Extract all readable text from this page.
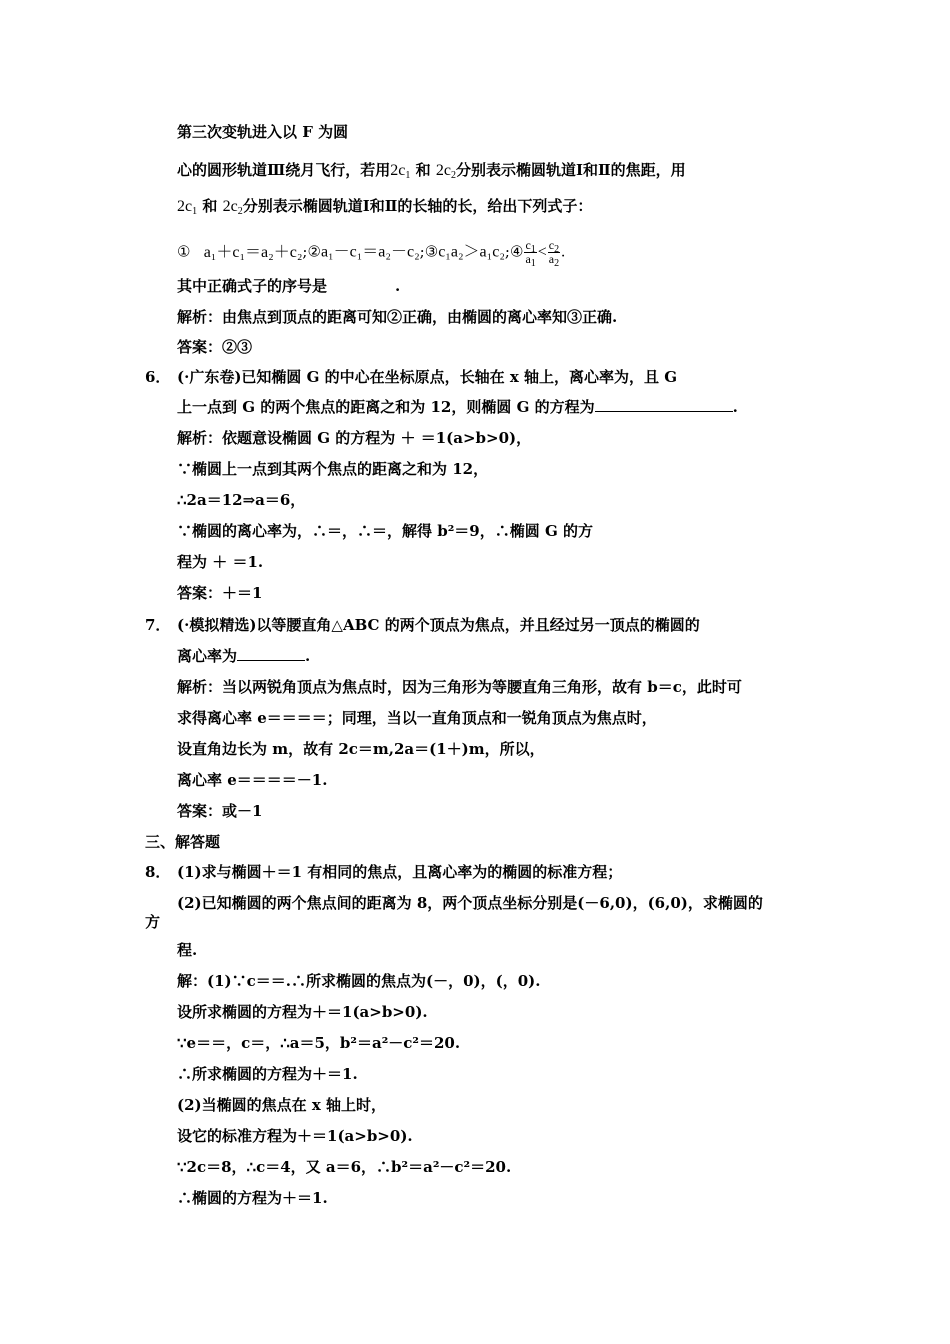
第三次变轨进入以 F 为圆
心的圆形轨道Ⅲ绕月飞行，若用$2c_1$ 和 $2c_2$分别表示椭圆轨道Ⅰ和Ⅱ的焦距，用
$2c_1$ 和 $2c_2$分别表示椭圆轨道Ⅰ和Ⅱ的长轴的长，给出下列式子：
① a₁＋c₁＝a₂＋c₂;②a₁－c₁＝a₂－c₂;③c₁a₂＞a₁c₂;④ $\frac{c_1}{a_1} < \frac{c_2}{a_2}$ .
其中正确式子的序号是	.
解析：由焦点到顶点的距离可知②正确，由椭圆的离心率知③正确.
答案：②③
6． (·广东卷)已知椭圆 G 的中心在坐标原点，长轴在 x 轴上，离心率为，且 G
上一点到 G 的两个焦点的距离之和为 12，则椭圆 G 的方程为	.
解析：依题意设椭圆 G 的方程为 ＋ ＝1(a>b>0)，
∵椭圆上一点到其两个焦点的距离之和为 12，
∴2a＝12⇒a＝6，
∵椭圆的离心率为，∴＝，∴＝，解得 b²＝9，∴椭圆 G 的方
程为 ＋ ＝1.
答案：＋＝1
7． (·模拟精选)以等腰直角△ABC 的两个顶点为焦点，并且经过另一顶点的椭圆的
离心率为	.
解析：当以两锐角顶点为焦点时，因为三角形为等腰直角三角形，故有 b＝c，此时可
求得离心率 e＝＝＝＝；同理，当以一直角顶点和一锐角顶点为焦点时，
设直角边长为 m，故有 2c＝m,2a＝(1＋)m，所以，
离心率 e＝＝＝＝－1.
答案：或－1
三、解答题
8． (1)求与椭圆＋＝1 有相同的焦点，且离心率为的椭圆的标准方程；
(2)已知椭圆的两个焦点间的距离为 8，两个顶点坐标分别是(－6,0)，(6,0)，求椭圆的
方
程.
解：(1)∵c＝＝.∴所求椭圆的焦点为(－，0)，(，0).
设所求椭圆的方程为＋＝1(a>b>0).
∵e＝＝，c＝，∴a＝5，b²＝a²－c²＝20.
∴所求椭圆的方程为＋＝1.
(2)当椭圆的焦点在 x 轴上时，
设它的标准方程为＋＝1(a>b>0).
∵2c＝8，∴c＝4，又 a＝6，∴b²＝a²－c²＝20.
∴椭圆的方程为＋＝1.
